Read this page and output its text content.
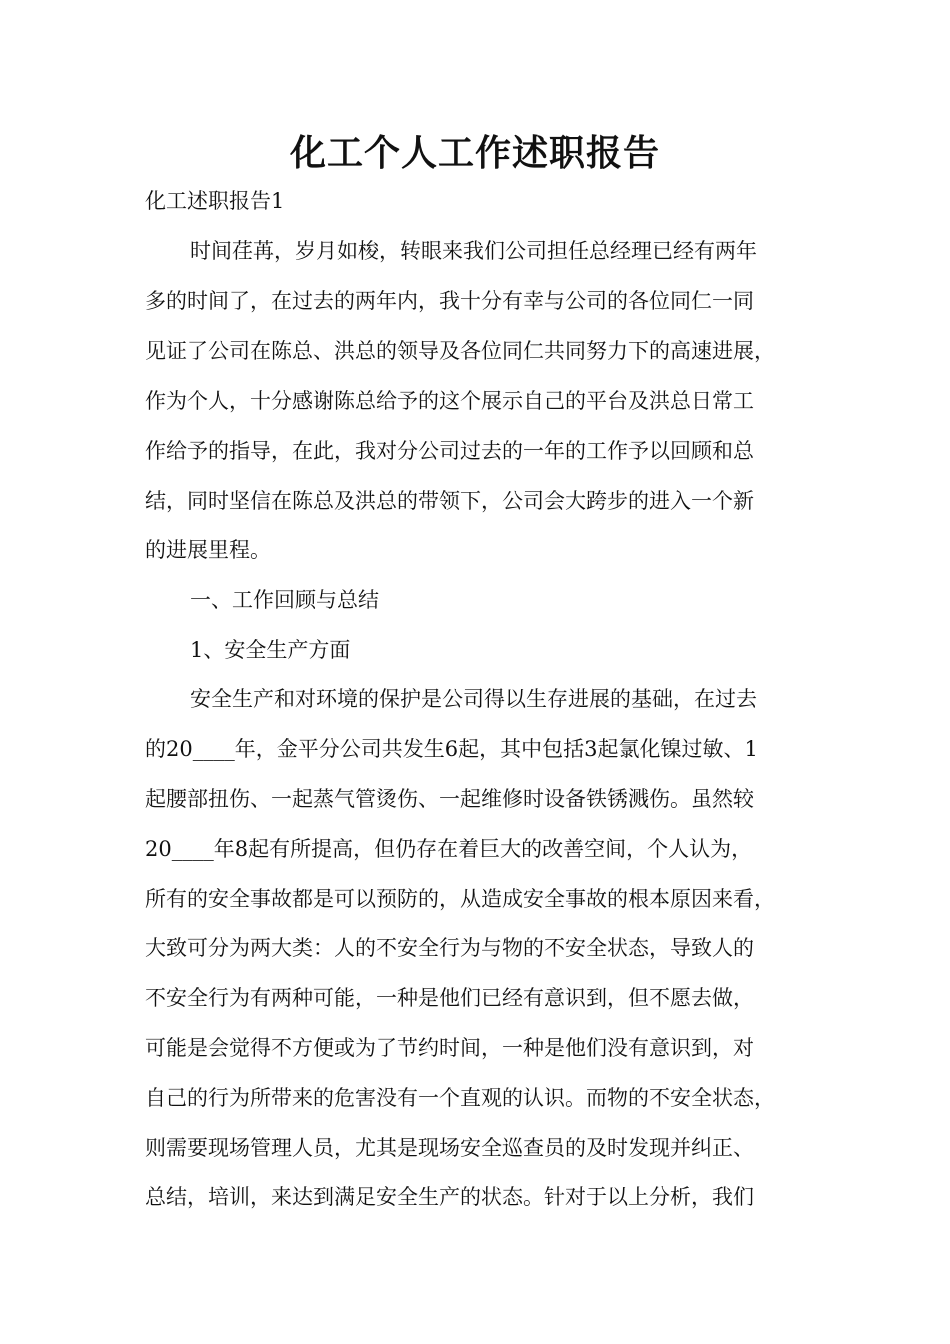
化工个人工作述职报告

化工述职报告1

时间荏苒，岁月如梭，转眼来我们公司担任总经理已经有两年

多的时间了，在过去的两年内，我十分有幸与公司的各位同仁一同

见证了公司在陈总、洪总的领导及各位同仁共同努力下的高速进展，

作为个人，十分感谢陈总给予的这个展示自己的平台及洪总日常工

作给予的指导，在此，我对分公司过去的一年的工作予以回顾和总

结，同时坚信在陈总及洪总的带领下，公司会大跨步的进入一个新

的进展里程。

一、工作回顾与总结

1、安全生产方面

安全生产和对环境的保护是公司得以生存进展的基础，在过去

的20____年，金平分公司共发生6起，其中包括3起氯化镍过敏、1

起腰部扭伤、一起蒸气管烫伤、一起维修时设备铁锈溅伤。虽然较

20____年8起有所提高，但仍存在着巨大的改善空间，个人认为，

所有的安全事故都是可以预防的，从造成安全事故的根本原因来看，

大致可分为两大类：人的不安全行为与物的不安全状态，导致人的

不安全行为有两种可能，一种是他们已经有意识到，但不愿去做，

可能是会觉得不方便或为了节约时间，一种是他们没有意识到，对

自己的行为所带来的危害没有一个直观的认识。而物的不安全状态，

则需要现场管理人员，尤其是现场安全巡查员的及时发现并纠正、

总结，培训，来达到满足安全生产的状态。针对于以上分析，我们
